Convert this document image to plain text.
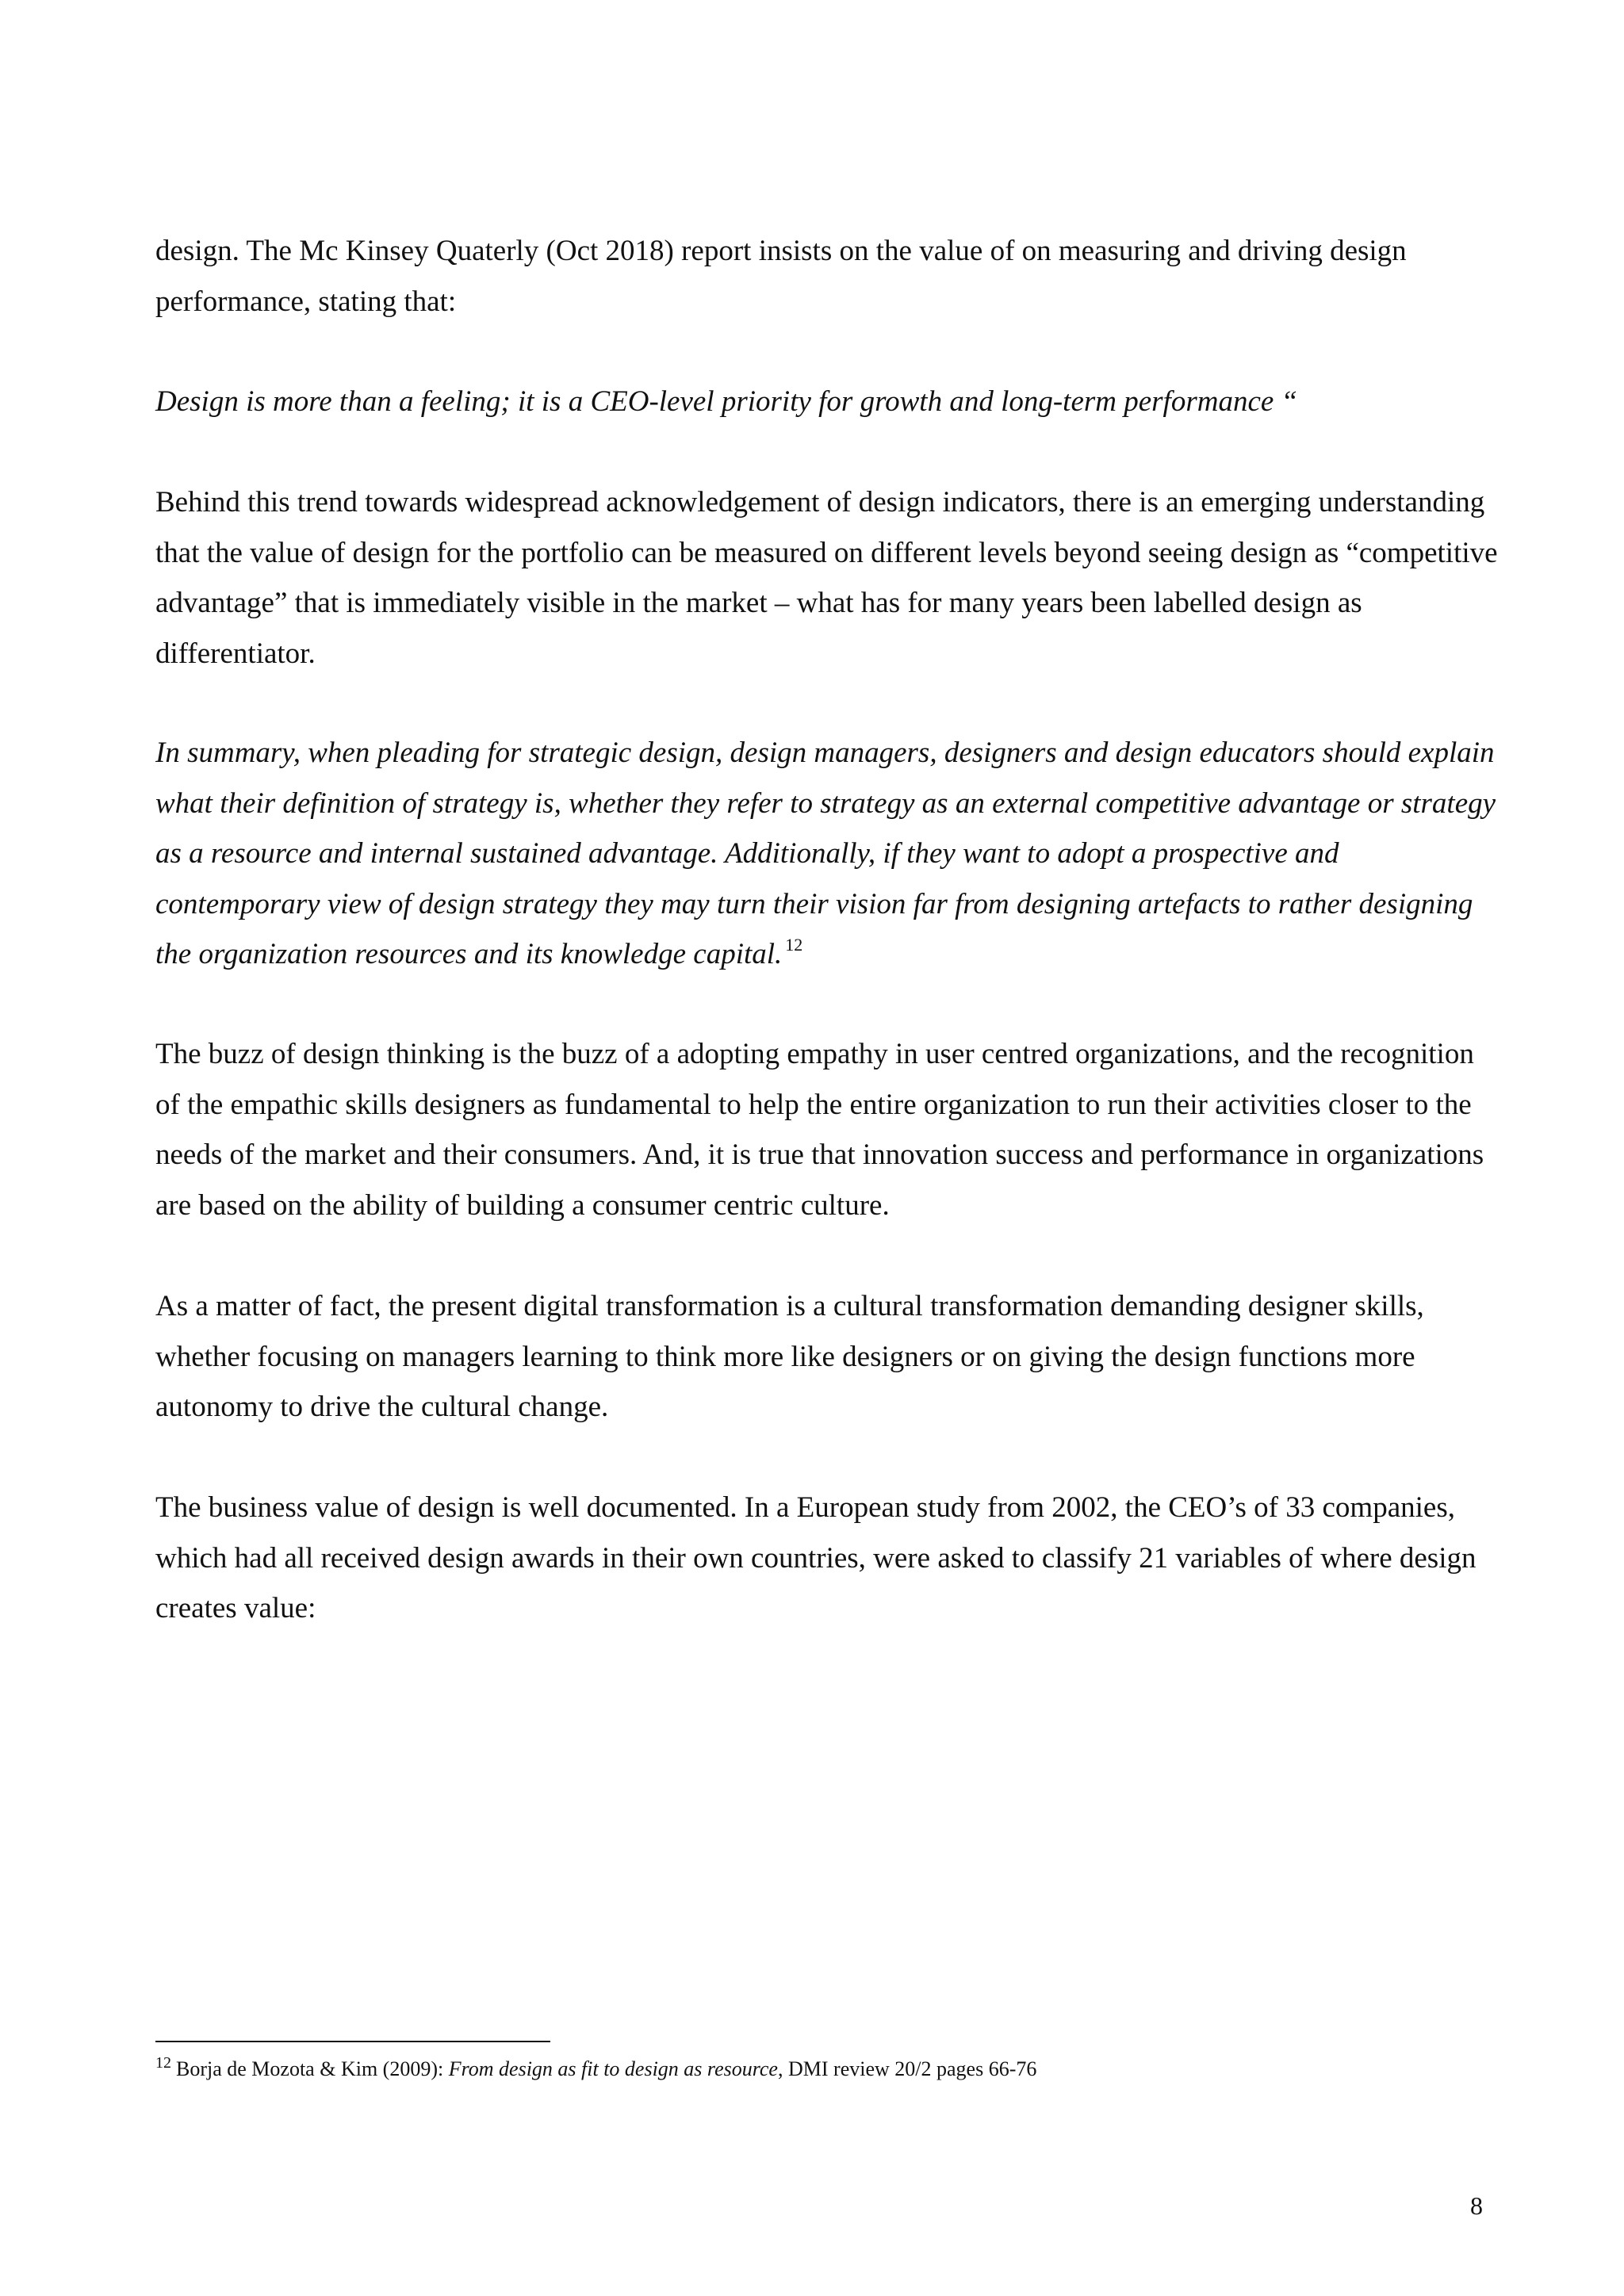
design. The Mc Kinsey Quaterly (Oct 2018) report insists on the value of on measuring and driving design performance, stating that:

Design is more than a feeling; it is a CEO-level priority for growth and long-term performance “

Behind this trend towards widespread acknowledgement of design indicators, there is an emerging understanding that the value of design for the portfolio can be measured on different levels beyond seeing design as “competitive advantage” that is immediately visible in the market – what has for many years been labelled design as differentiator.

In summary, when pleading for strategic design, design managers, designers and design educators should explain what their definition of strategy is, whether they refer to strategy as an external competitive advantage or strategy as a resource and internal sustained advantage. Additionally, if they want to adopt a prospective and contemporary view of design strategy they may turn their vision far from designing artefacts to rather designing the organization resources and its knowledge capital. $^{12}$

The buzz of design thinking is the buzz of a adopting empathy in user centred organizations, and the recognition of the empathic skills designers as fundamental to help the entire organization to run their activities closer to the needs of the market and their consumers. And, it is true that innovation success and performance in organizations are based on the ability of building a consumer centric culture.

As a matter of fact, the present digital transformation is a cultural transformation demanding designer skills, whether focusing on managers learning to think more like designers or on giving the design functions more autonomy to drive the cultural change.

The business value of design is well documented. In a European study from 2002, the CEO’s of 33 companies, which had all received design awards in their own countries, were asked to classify 21 variables of where design creates value:

$^{12}$ Borja de Mozota & Kim (2009): From design as fit to design as resource, DMI review 20/2 pages 66-76

8
